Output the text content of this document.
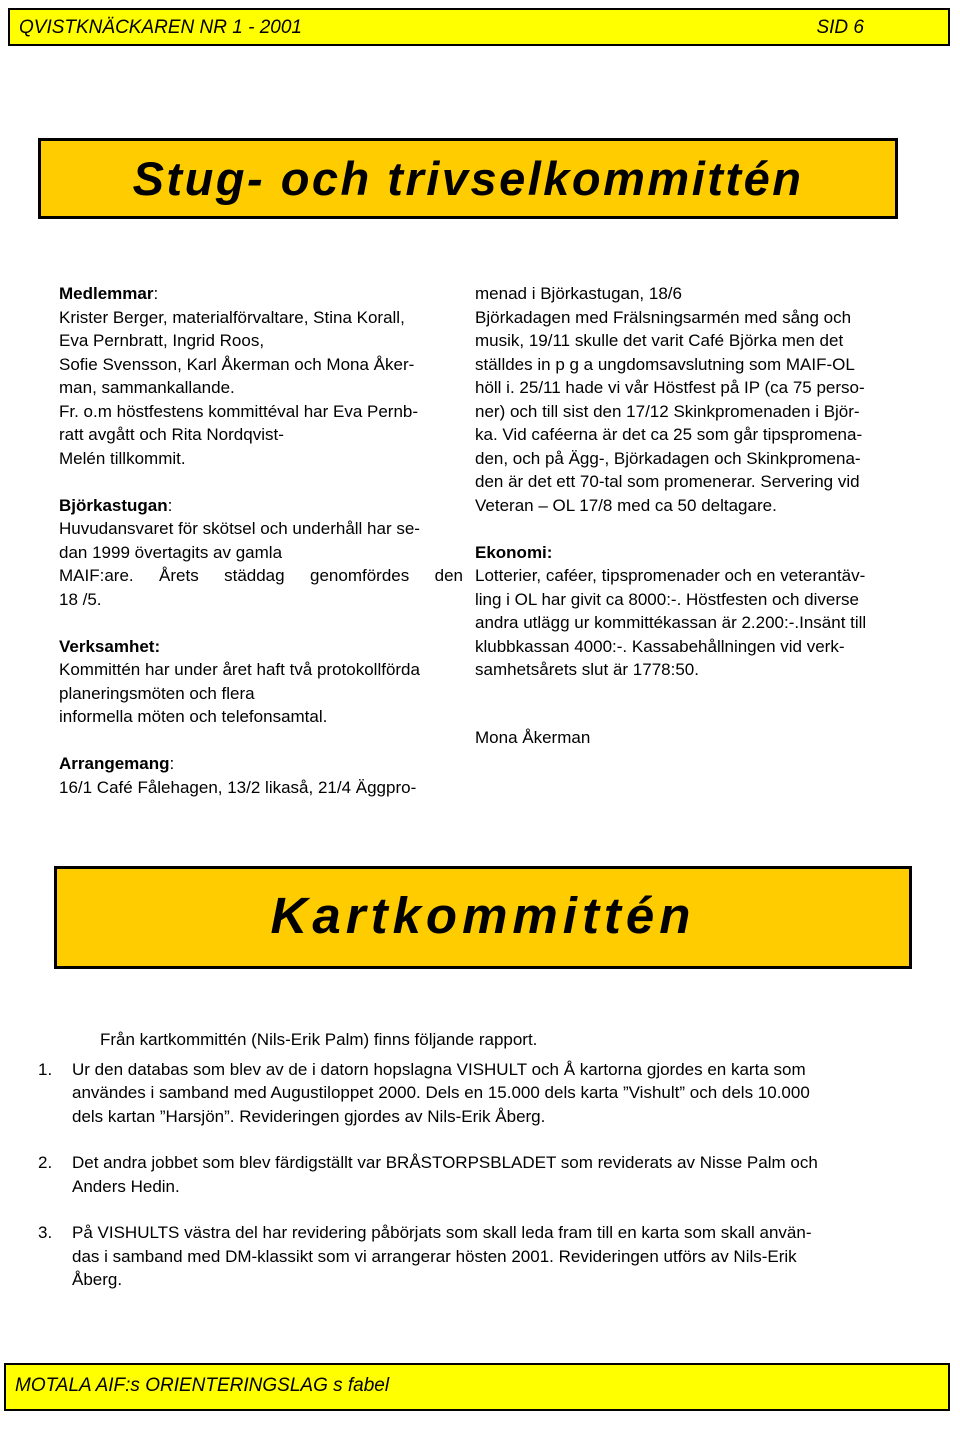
QVISTKNÄCKAREN NR 1 - 2001	SID 6
Stug- och trivselkommittén

Medlemmar:

Krister Berger, materialförvaltare, Stina Korall,

Eva Pernbratt, Ingrid Roos,

Sofie Svensson, Karl Åkerman och Mona Åker-

man, sammankallande.

Fr. o.m höstfestens kommittéval har Eva Pernb-

ratt avgått och Rita Nordqvist-

Melén tillkommit.

Björkastugan:

Huvudansvaret för skötsel och underhåll har se-

dan 1999 övertagits av gamla

MAIF:are. Årets städdag genomfördes den

18 /5.

Verksamhet:

Kommittén har under året haft två protokollförda

planeringsmöten och flera

informella möten och telefonsamtal.

Arrangemang:

16/1 Café Fålehagen, 13/2 likaså, 21/4 Äggpro-

menad i Björkastugan, 18/6

Björkadagen med Frälsningsarmén med sång och

musik, 19/11 skulle det varit Café Björka men det

ställdes in p g a ungdomsavslutning som MAIF-OL

höll i. 25/11 hade vi vår Höstfest på IP (ca 75 perso-

ner) och till sist den 17/12 Skinkpromenaden i Björ-

ka. Vid caféerna är det ca 25 som går tipspromena-

den, och på Ägg-, Björkadagen och Skinkpromena-

den är det ett 70-tal som promenerar. Servering vid

Veteran – OL 17/8 med ca 50 deltagare.

Ekonomi:

Lotterier, caféer, tipspromenader och en veterantäv-

ling i OL har givit ca 8000:-. Höstfesten och diverse

andra utlägg ur kommittékassan är 2.200:-.Insänt till

klubbkassan 4000:-. Kassabehållningen vid verk-

samhetsårets slut är 1778:50.

Mona Åkerman

Kartkommittén

Från kartkommittén (Nils-Erik Palm) finns följande rapport.

1. Ur den databas som blev av de i datorn hopslagna VISHULT och Å kartorna gjordes en karta som
användes i samband med Augustiloppet 2000. Dels en 15.000 dels karta ”Vishult” och dels 10.000
dels kartan ”Harsjön”. Revideringen gjordes av Nils-Erik Åberg.
2. Det andra jobbet som blev färdigställt var BRÅSTORPSBLADET som reviderats av Nisse Palm och
Anders Hedin.
3. På VISHULTS västra del har revidering påbörjats som skall leda fram till en karta som skall använ-
das i samband med DM-klassikt som vi arrangerar hösten 2001. Revideringen utförs av Nils-Erik
Åberg.
MOTALA AIF:s ORIENTERINGSLAG s fabel
